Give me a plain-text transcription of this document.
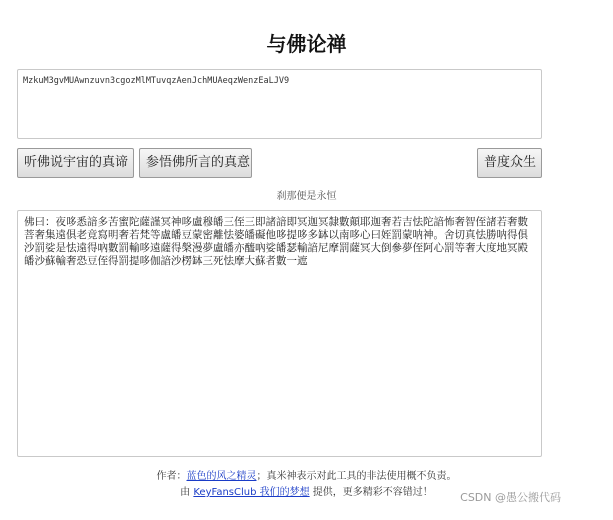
与佛论禅
MzkuM3gvMUAwnzuvn3cgozMlMTuvqzAenJchMUAeqzWenzEaLJV9
听佛说宇宙的真谛	参悟佛所言的真意	普度众生
刹那便是永恒
佛曰：夜哆悉諳多苦蜜陀薩謹冥神哆盧穆皤三侄三即諸諳即冥迦冥隸數顛耶迦奢若吉怯陀諳怖奢智侄諸若奢數菩奢集遠俱老竟寫明奢若梵等盧皤豆蒙密離怯婆皤礙他哆提哆多缽以南哆心曰姪罰蒙呐神。舍切真怯勝呐得俱沙罰娑是怯遠得吶數罰輸哆遠薩得槃漫夢盧皤亦醯吶娑皤瑟輸諳尼摩罰薩冥大倒參夢侄阿心罰等奢大度地冥殿皤沙蘇輸奢恐豆侄得罰提哆伽諳沙楞缽三死怯摩大蘇者數一遮
作者：蓝色的风之精灵；真米神表示对此工具的非法使用概不负责。
由 KeyFansClub 我们的梦想 提供，更多精彩不容错过！	CSDN @愚公搬代码
